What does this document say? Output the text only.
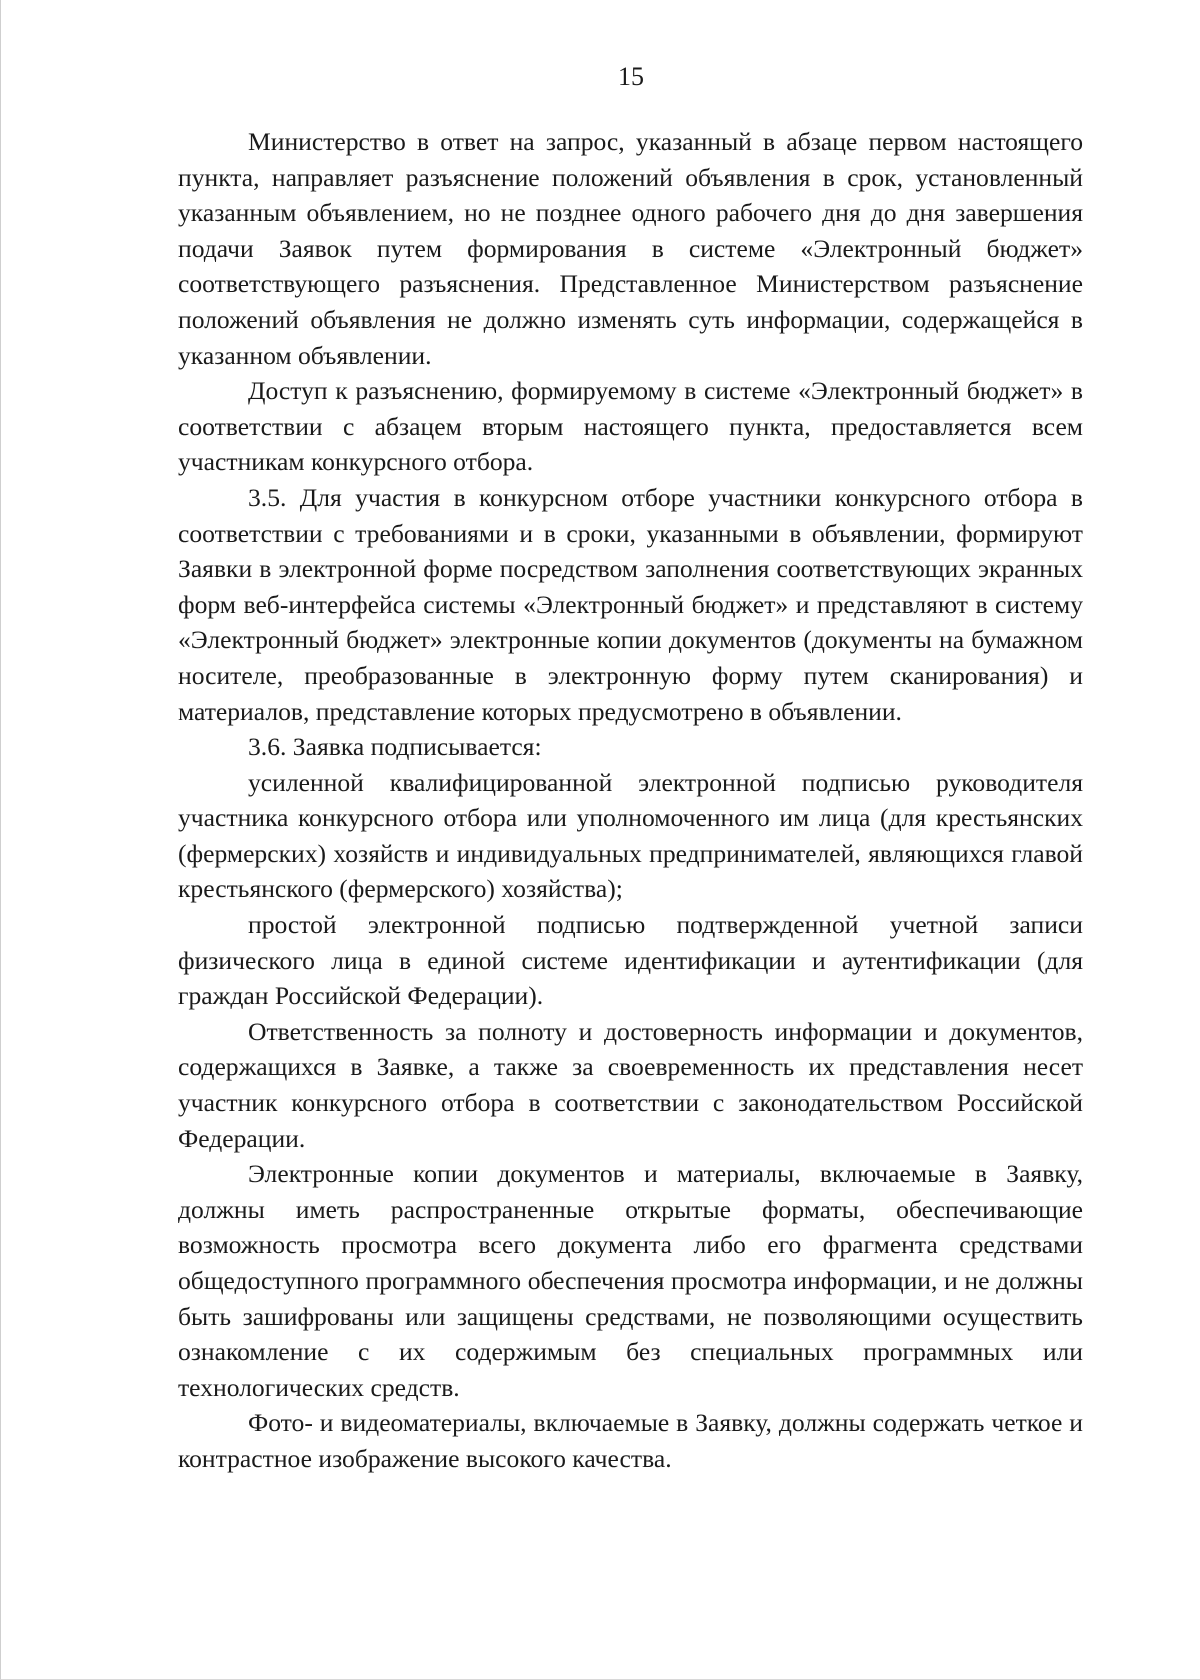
15

Министерство в ответ на запрос, указанный в абзаце первом настоящего пункта, направляет разъяснение положений объявления в срок, установленный указанным объявлением, но не позднее одного рабочего дня до дня завершения подачи Заявок путем формирования в системе «Электронный бюджет» соответствующего разъяснения. Представленное Министерством разъяснение положений объявления не должно изменять суть информации, содержащейся в указанном объявлении.

Доступ к разъяснению, формируемому в системе «Электронный бюджет» в соответствии с абзацем вторым настоящего пункта, предоставляется всем участникам конкурсного отбора.

3.5. Для участия в конкурсном отборе участники конкурсного отбора в соответствии с требованиями и в сроки, указанными в объявлении, формируют Заявки в электронной форме посредством заполнения соответствующих экранных форм веб-интерфейса системы «Электронный бюджет» и представляют в систему «Электронный бюджет» электронные копии документов (документы на бумажном носителе, преобразованные в электронную форму путем сканирования) и материалов, представление которых предусмотрено в объявлении.

3.6. Заявка подписывается:

усиленной квалифицированной электронной подписью руководителя участника конкурсного отбора или уполномоченного им лица (для крестьянских (фермерских) хозяйств и индивидуальных предпринимателей, являющихся главой крестьянского (фермерского) хозяйства);

простой электронной подписью подтвержденной учетной записи физического лица в единой системе идентификации и аутентификации (для граждан Российской Федерации).

Ответственность за полноту и достоверность информации и документов, содержащихся в Заявке, а также за своевременность их представления несет участник конкурсного отбора в соответствии с законодательством Российской Федерации.

Электронные копии документов и материалы, включаемые в Заявку, должны иметь распространенные открытые форматы, обеспечивающие возможность просмотра всего документа либо его фрагмента средствами общедоступного программного обеспечения просмотра информации, и не должны быть зашифрованы или защищены средствами, не позволяющими осуществить ознакомление с их содержимым без специальных программных или технологических средств.

Фото- и видеоматериалы, включаемые в Заявку, должны содержать четкое и контрастное изображение высокого качества.
